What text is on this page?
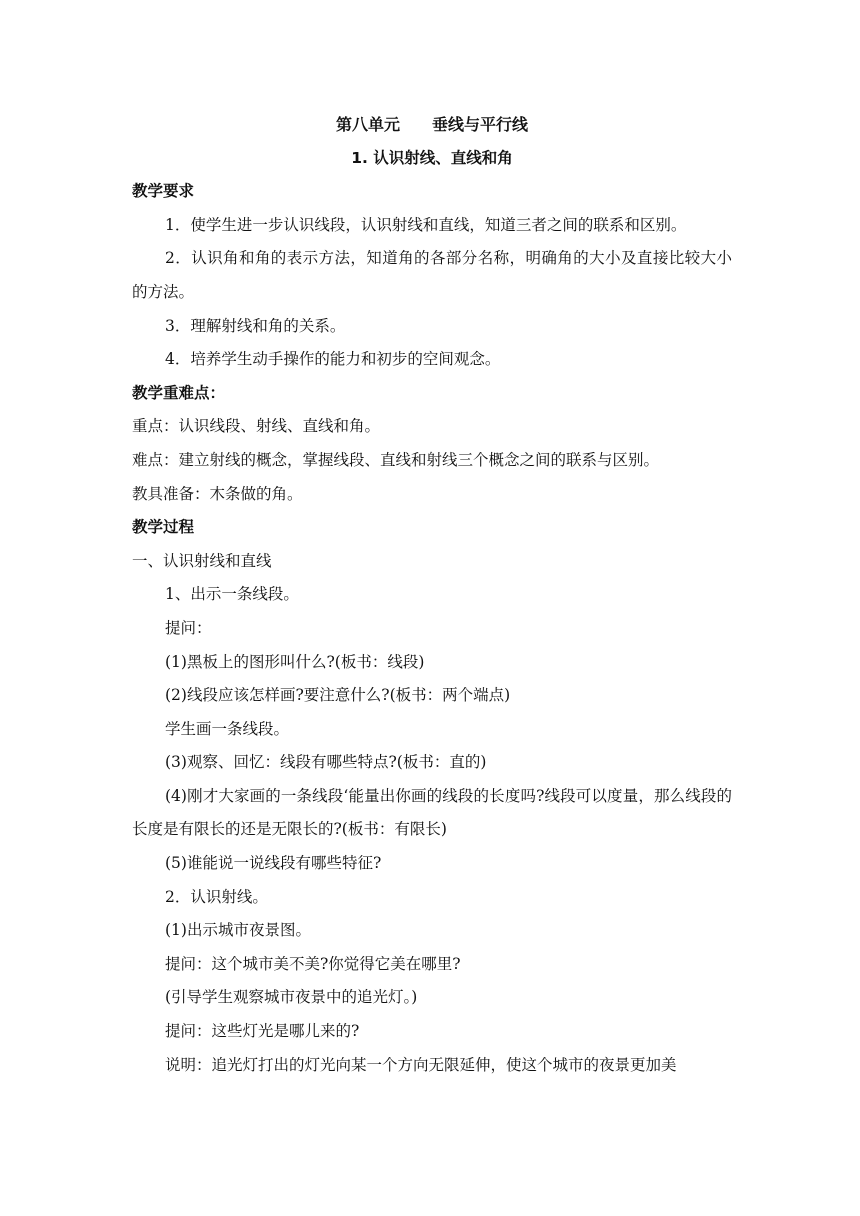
第八单元　　垂线与平行线

1. 认识射线、直线和角

教学要求

1．使学生进一步认识线段，认识射线和直线，知道三者之间的联系和区别。

2．认识角和角的表示方法，知道角的各部分名称，明确角的大小及直接比较大小的方法。

3．理解射线和角的关系。

4．培养学生动手操作的能力和初步的空间观念。

教学重难点：

重点：认识线段、射线、直线和角。

难点：建立射线的概念，掌握线段、直线和射线三个概念之间的联系与区别。

教具准备：木条做的角。

教学过程

一、认识射线和直线

1、出示一条线段。

提问：

(1)黑板上的图形叫什么?(板书：线段)

(2)线段应该怎样画?要注意什么?(板书：两个端点)

学生画一条线段。

(3)观察、回忆：线段有哪些特点?(板书：直的)

(4)刚才大家画的一条线段‘能量出你画的线段的长度吗?线段可以度量，那么线段的长度是有限长的还是无限长的?(板书：有限长)

(5)谁能说一说线段有哪些特征?

2．认识射线。

(1)出示城市夜景图。

提问：这个城市美不美?你觉得它美在哪里?

(引导学生观察城市夜景中的追光灯。)

提问：这些灯光是哪儿来的?

说明：追光灯打出的灯光向某一个方向无限延伸，使这个城市的夜景更加美
